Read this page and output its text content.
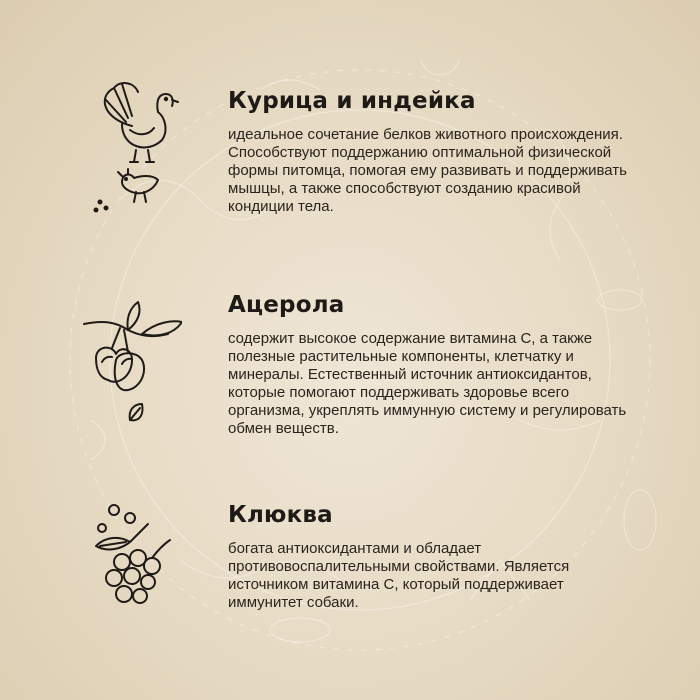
Курица и индейка

идеальное сочетание белков животного происхождения. Способствуют поддержанию оптимальной физической формы питомца, помогая ему развивать и поддерживать мышцы, а также способствуют созданию красивой кондиции тела.

Ацерола

содержит высокое содержание витамина С, а также полезные растительные компоненты, клетчатку и минералы. Естественный источник антиоксидантов, которые помогают поддерживать здоровье всего организма, укреплять иммунную систему и регулировать обмен веществ.

Клюква

богата антиоксидантами и обладает противовоспалительными свойствами. Является источником витамина С, который поддерживает иммунитет собаки.
